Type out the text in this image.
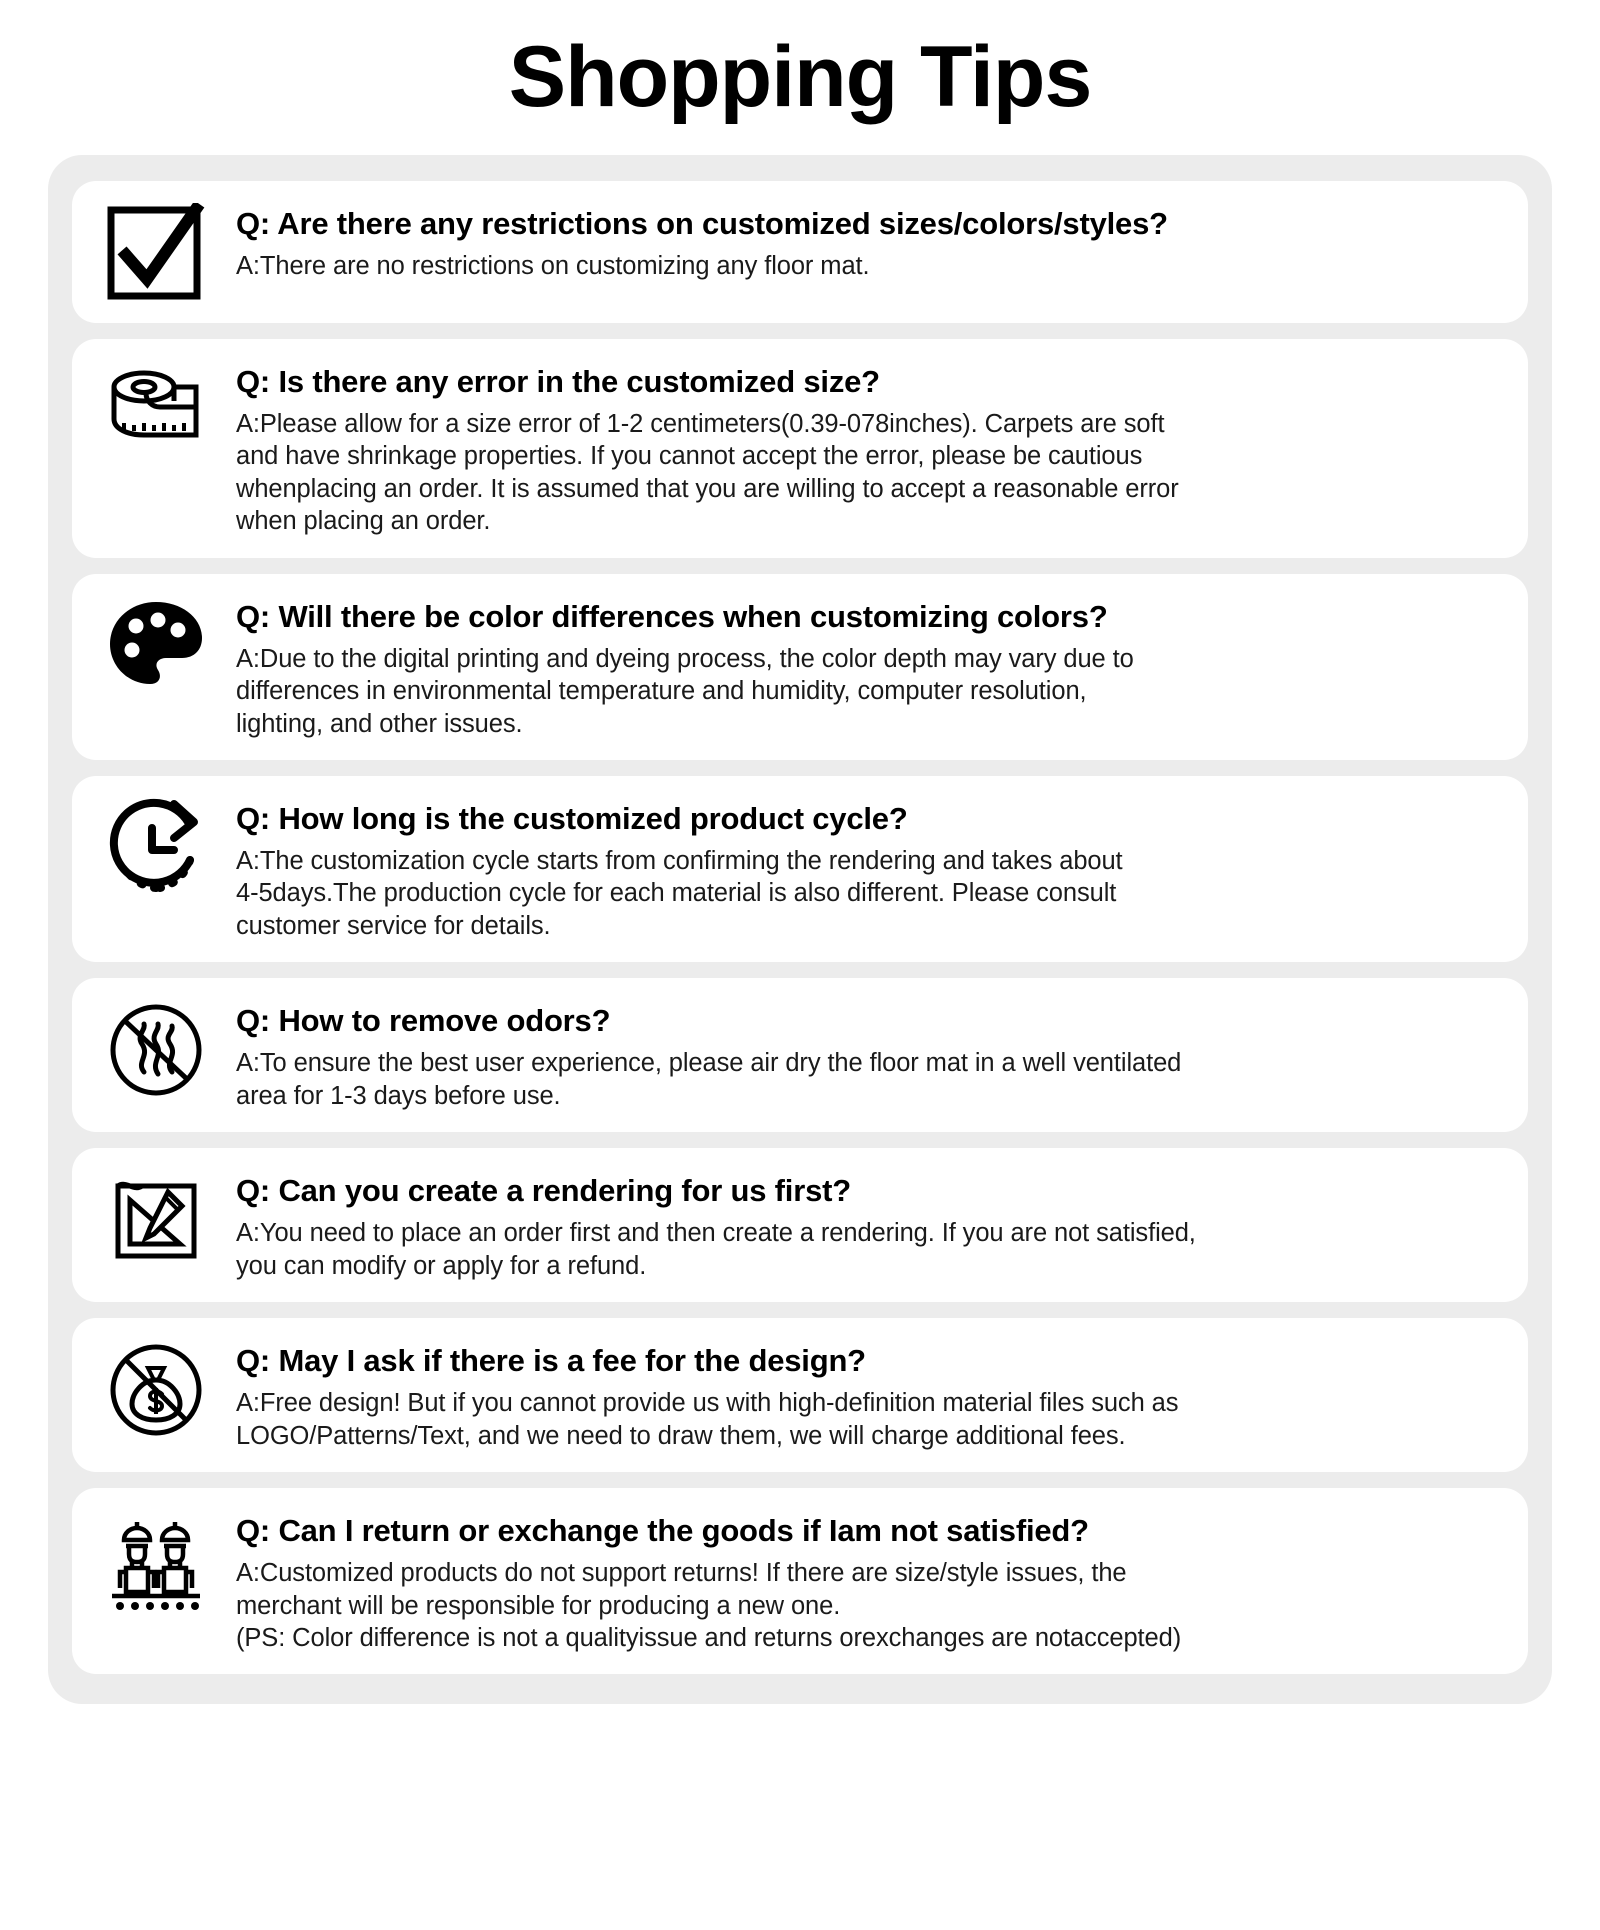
Shopping Tips
Q: Are there any restrictions on customized sizes/colors/styles?
A:There are no restrictions on customizing any floor mat.
Q: Is there any error in the customized size?
A:Please allow for a size error of 1-2 centimeters(0.39-078inches). Carpets are soft
and have shrinkage properties. If you cannot accept the error, please be cautious
whenplacing an order. It is assumed that you are willing to accept a reasonable error
when placing an order.
Q: Will there be color differences when customizing colors?
A:Due to the digital printing and dyeing process, the color depth may vary due to
differences in environmental temperature and humidity, computer resolution,
lighting, and other issues.
Q: How long is the customized product cycle?
A:The customization cycle starts from confirming the rendering and takes about
4-5days.The production cycle for each material is also different. Please consult
customer service for details.
Q: How to remove odors?
A:To ensure the best user experience, please air dry the floor mat in a well ventilated
area for 1-3 days before use.
Q: Can you create a rendering for us first?
A:You need to place an order first and then create a rendering. If you are not satisfied,
you can modify or apply for a refund.
Q: May I ask if there is a fee for the design?
A:Free design! But if you cannot provide us with high-definition material files such as
LOGO/Patterns/Text, and we need to draw them, we will charge additional fees.
Q: Can I return or exchange the goods if Iam not satisfied?
A:Customized products do not support returns! If there are size/style issues, the
merchant will be responsible for producing a new one.
(PS: Color difference is not a qualityissue and returns orexchanges are notaccepted)
